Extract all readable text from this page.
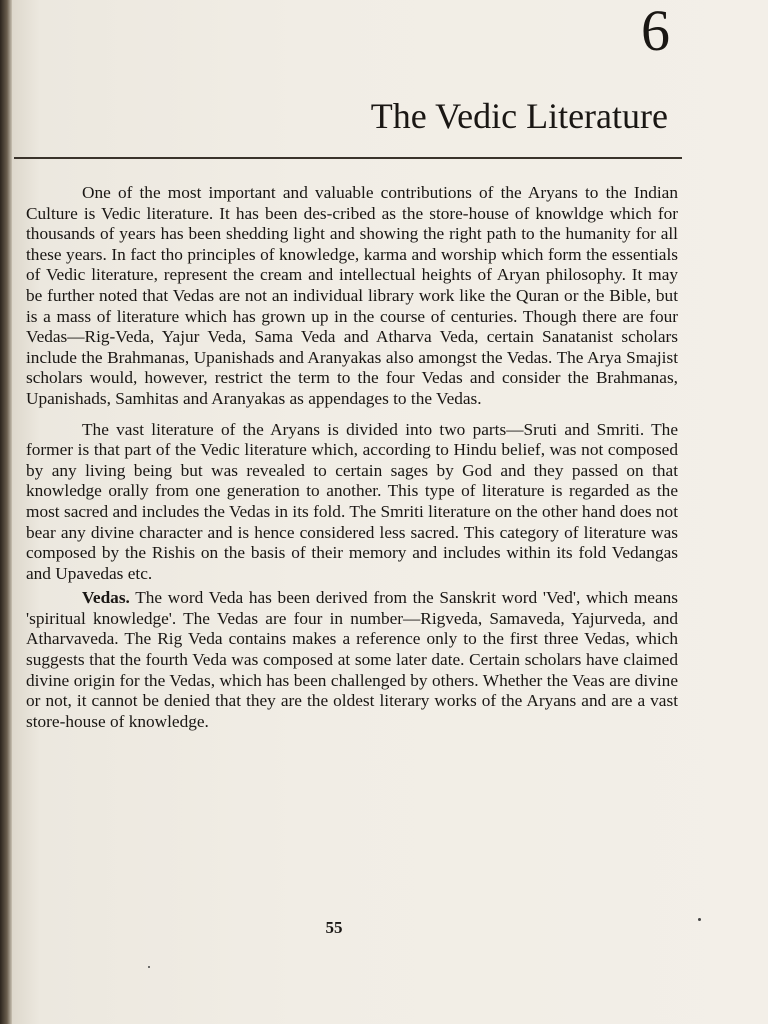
6
The Vedic Literature

One of the most important and valuable contributions of the Aryans to the Indian Culture is Vedic literature. It has been des-cribed as the store-house of knowldge which for thousands of years has been shedding light and showing the right path to the humanity for all these years. In fact tho principles of knowledge, karma and worship which form the essentials of Vedic literature, represent the cream and intellectual heights of Aryan philosophy. It may be further noted that Vedas are not an individual library work like the Quran or the Bible, but is a mass of literature which has grown up in the course of centuries. Though there are four Vedas—Rig-Veda, Yajur Veda, Sama Veda and Atharva Veda, certain Sanatanist scholars include the Brahmanas, Upanishads and Aranyakas also amongst the Vedas. The Arya Smajist scholars would, however, restrict the term to the four Vedas and consider the Brahmanas, Upanishads, Samhitas and Aranyakas as appendages to the Vedas.

The vast literature of the Aryans is divided into two parts—Sruti and Smriti. The former is that part of the Vedic literature which, according to Hindu belief, was not composed by any living being but was revealed to certain sages by God and they passed on that knowledge orally from one generation to another. This type of literature is regarded as the most sacred and includes the Vedas in its fold. The Smriti literature on the other hand does not bear any divine character and is hence considered less sacred. This category of literature was composed by the Rishis on the basis of their memory and includes within its fold Vedangas and Upavedas etc.

Vedas. The word Veda has been derived from the Sanskrit word 'Ved', which means 'spiritual knowledge'. The Vedas are four in number—Rigveda, Samaveda, Yajurveda, and Atharvaveda. The Rig Veda contains makes a reference only to the first three Vedas, which suggests that the fourth Veda was composed at some later date. Certain scholars have claimed divine origin for the Vedas, which has been challenged by others. Whether the Veas are divine or not, it cannot be denied that they are the oldest literary works of the Aryans and are a vast store-house of knowledge.

55
